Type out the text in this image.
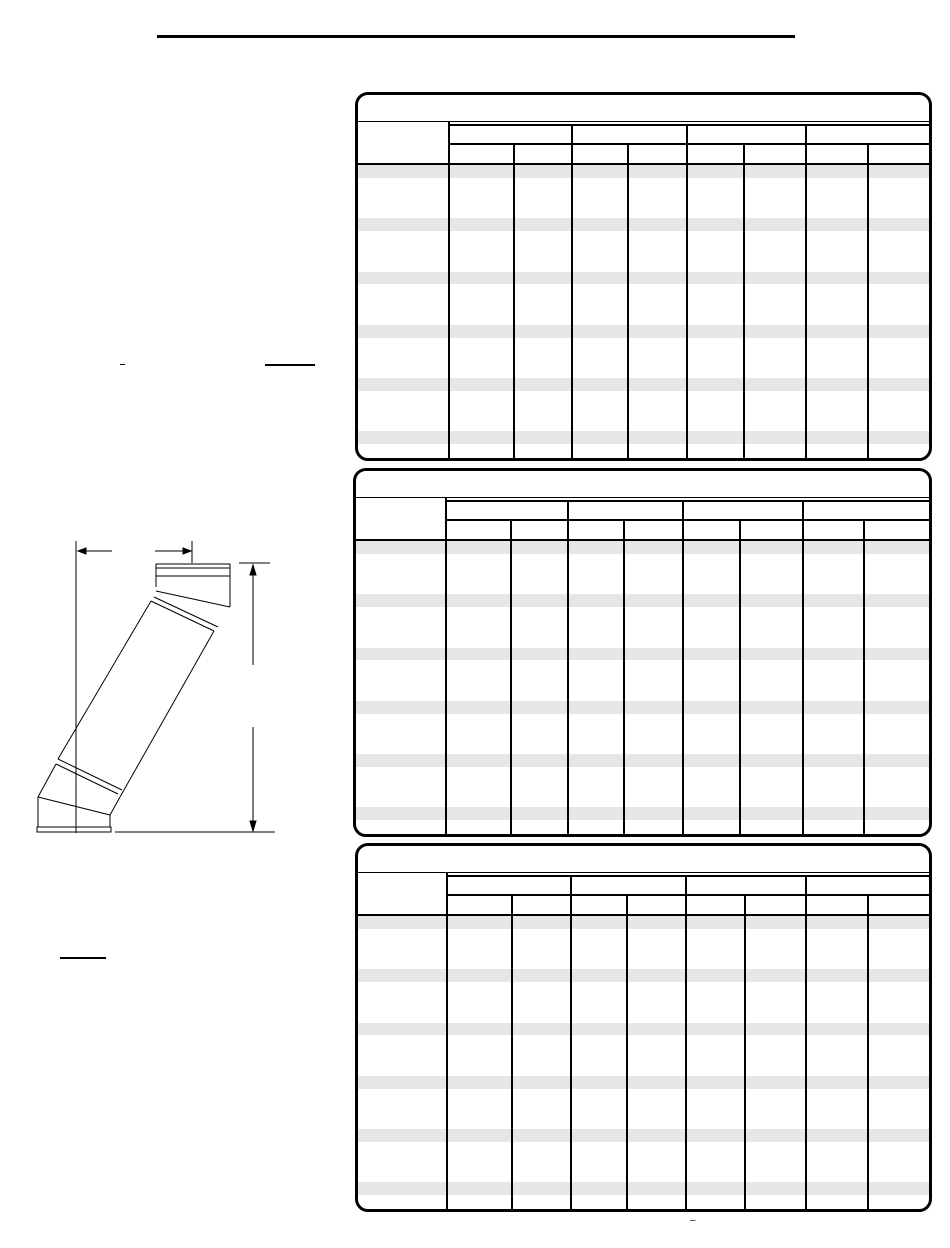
–
